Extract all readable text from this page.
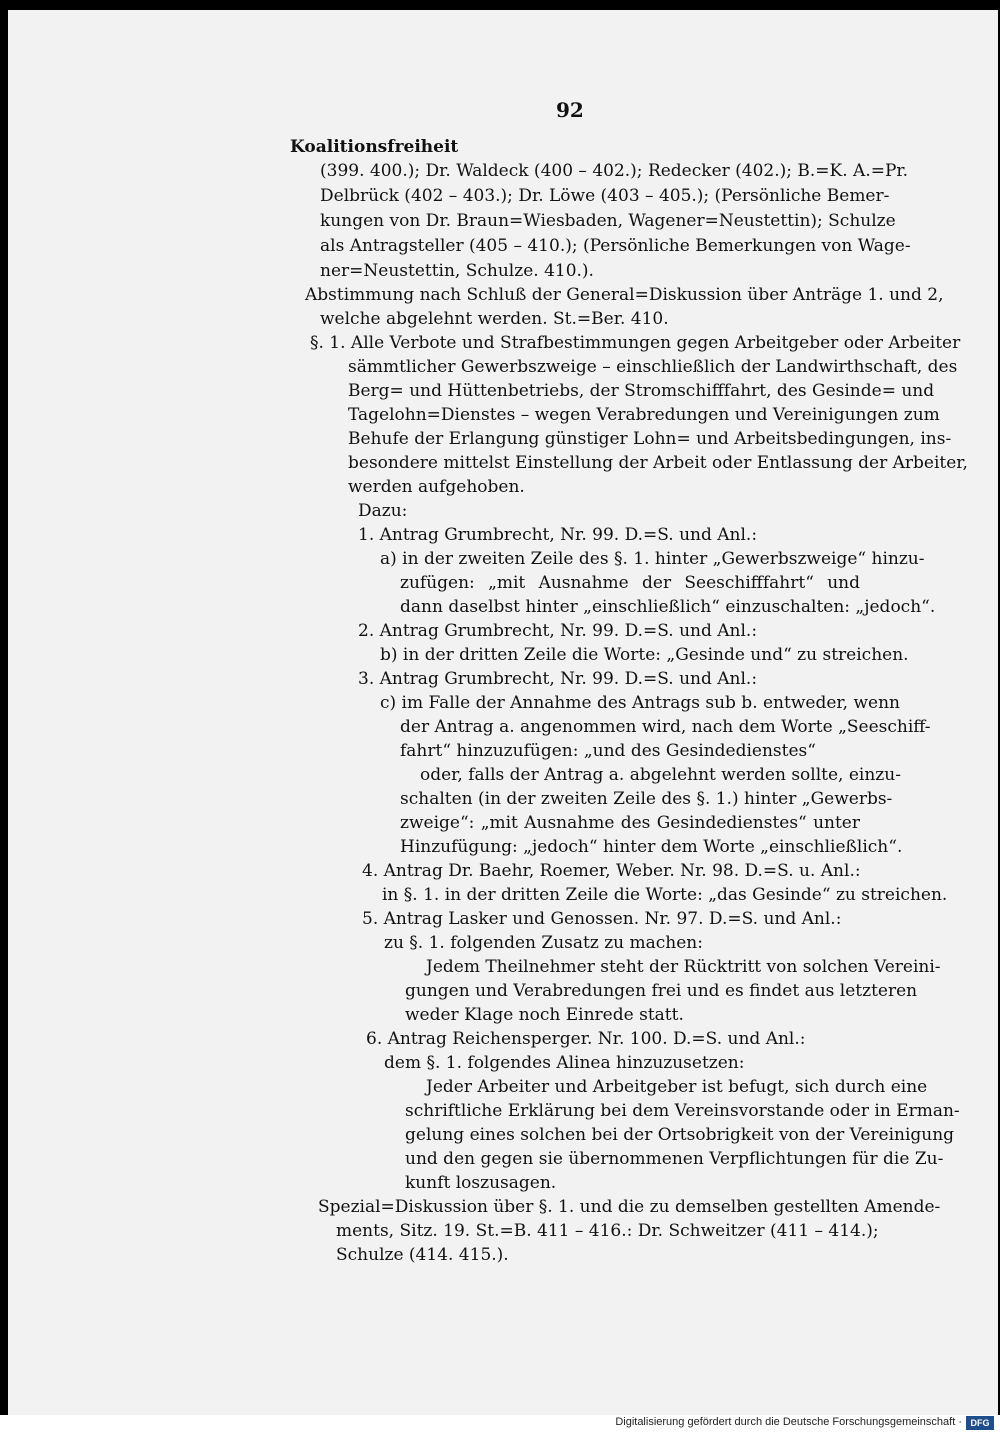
92
Koalitionsfreiheit
(399. 400.); Dr. Waldeck (400 – 402.); Redecker (402.); B.=K. A.=Pr.
Delbrück (402 – 403.); Dr. Löwe (403 – 405.); (Persönliche Bemer-
kungen von Dr. Braun=Wiesbaden, Wagener=Neustettin); Schulze
als Antragsteller (405 – 410.); (Persönliche Bemerkungen von Wage-
ner=Neustettin, Schulze. 410.).
Abstimmung nach Schluß der General=Diskussion über Anträge 1. und 2,
welche abgelehnt werden. St.=Ber. 410.
§. 1. Alle Verbote und Strafbestimmungen gegen Arbeitgeber oder Arbeiter
sämmtlicher Gewerbszweige – einschließlich der Landwirthschaft, des
Berg= und Hüttenbetriebs, der Stromschifffahrt, des Gesinde= und
Tagelohn=Dienstes – wegen Verabredungen und Vereinigungen zum
Behufe der Erlangung günstiger Lohn= und Arbeitsbedingungen, ins-
besondere mittelst Einstellung der Arbeit oder Entlassung der Arbeiter,
werden aufgehoben.
Dazu:
1. Antrag Grumbrecht, Nr. 99. D.=S. und Anl.:
a) in der zweiten Zeile des §. 1. hinter „Gewerbszweige“ hinzu-
zufügen: „mit Ausnahme der Seeschifffahrt“ und
dann daselbst hinter „einschließlich“ einzuschalten: „jedoch“.
2. Antrag Grumbrecht, Nr. 99. D.=S. und Anl.:
b) in der dritten Zeile die Worte: „Gesinde und“ zu streichen.
3. Antrag Grumbrecht, Nr. 99. D.=S. und Anl.:
c) im Falle der Annahme des Antrags sub b. entweder, wenn
der Antrag a. angenommen wird, nach dem Worte „Seeschiff-
fahrt“ hinzuzufügen: „und des Gesindedienstes“
oder, falls der Antrag a. abgelehnt werden sollte, einzu-
schalten (in der zweiten Zeile des §. 1.) hinter „Gewerbs-
zweige“: „mit Ausnahme des Gesindedienstes“ unter
Hinzufügung: „jedoch“ hinter dem Worte „einschließlich“.
4. Antrag Dr. Baehr, Roemer, Weber. Nr. 98. D.=S. u. Anl.:
in §. 1. in der dritten Zeile die Worte: „das Gesinde“ zu streichen.
5. Antrag Lasker und Genossen. Nr. 97. D.=S. und Anl.:
zu §. 1. folgenden Zusatz zu machen:
Jedem Theilnehmer steht der Rücktritt von solchen Vereini-
gungen und Verabredungen frei und es findet aus letzteren
weder Klage noch Einrede statt.
6. Antrag Reichensperger. Nr. 100. D.=S. und Anl.:
dem §. 1. folgendes Alinea hinzuzusetzen:
Jeder Arbeiter und Arbeitgeber ist befugt, sich durch eine
schriftliche Erklärung bei dem Vereinsvorstande oder in Erman-
gelung eines solchen bei der Ortsobrigkeit von der Vereinigung
und den gegen sie übernommenen Verpflichtungen für die Zu-
kunft loszusagen.
Spezial=Diskussion über §. 1. und die zu demselben gestellten Amende-
ments, Sitz. 19. St.=B. 411 – 416.: Dr. Schweitzer (411 – 414.);
Schulze (414. 415.).
Digitalisierung gefördert durch die Deutsche Forschungsgemeinschaft · DFG
